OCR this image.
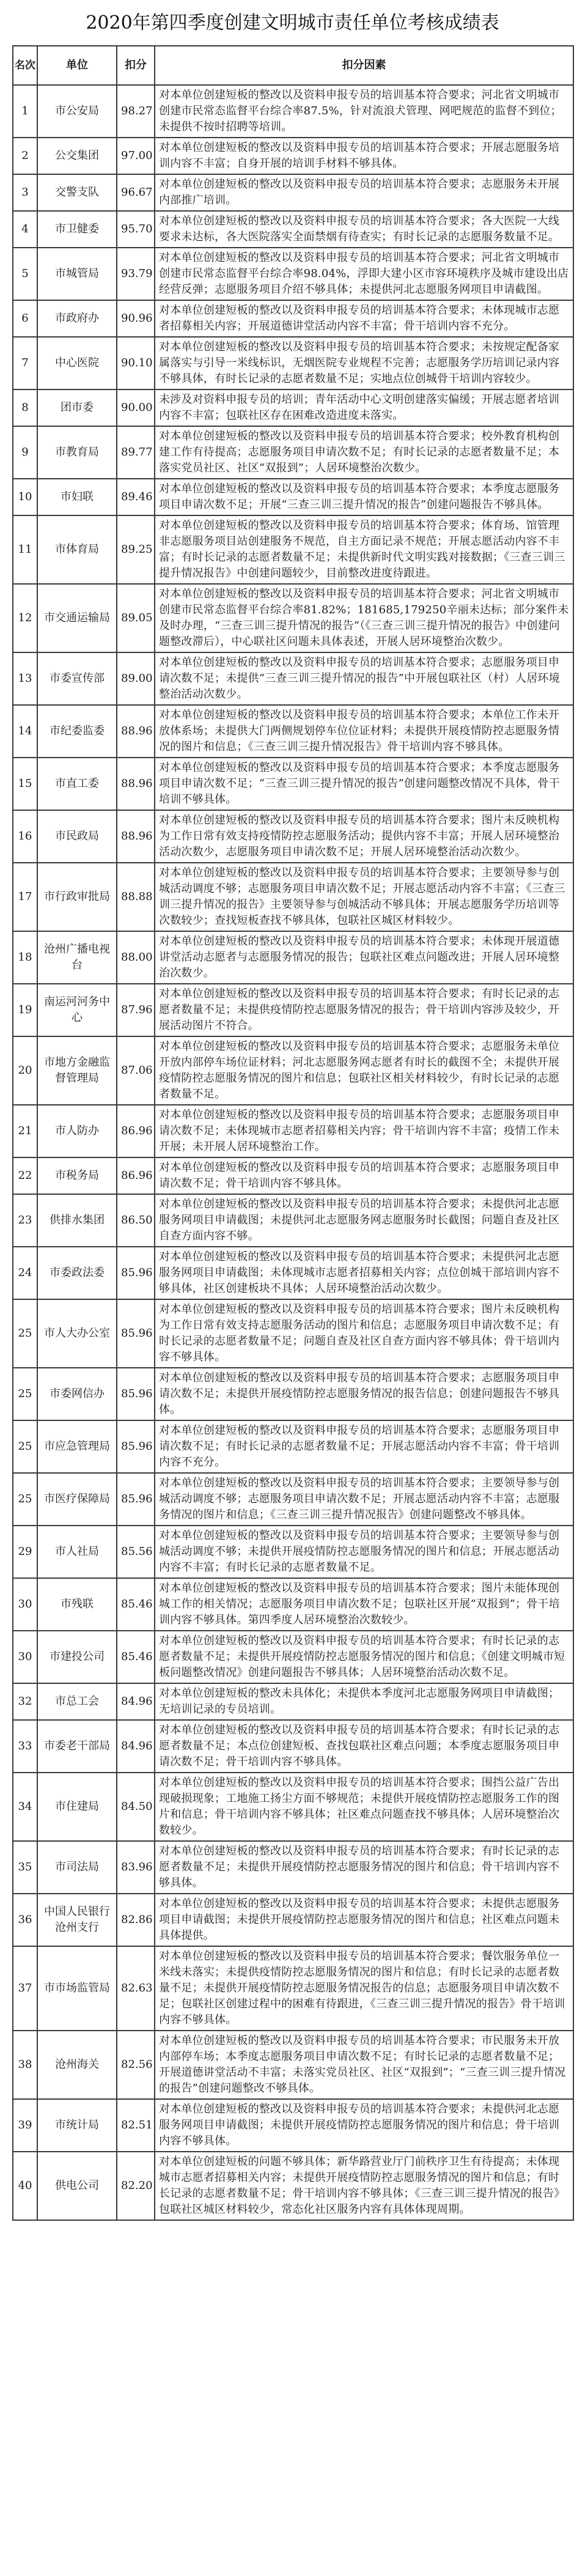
2020年第四季度创建文明城市责任单位考核成绩表
名次	单位	扣分	扣分因素
1	市公安局	98.27	对本单位创建短板的整改以及资料申报专员的培训基本符合要求；河北省文明城市创建市民常态监督平台综合率87.5%，针对流浪犬管理、网吧规范的监督不到位；未提供不按时招聘等培训。
2	公交集团	97.00	对本单位创建短板的整改以及资料申报专员的培训基本符合要求；开展志愿服务培训内容不丰富；自身开展的培训手材料不够具体。
3	交警支队	96.67	对本单位创建短板的整改以及资料申报专员的培训基本符合要求；志愿服务未开展内部推广培训。
4	市卫健委	95.70	对本单位创建短板的整改以及资料申报专员的培训基本符合要求；各大医院一大线要求未达标，各大医院落实全面禁烟有待查实；有时长记录的志愿服务数量不足。
5	市城管局	93.79	对本单位创建短板的整改以及资料申报专员的培训基本符合要求；河北省文明城市创建市民常态监督平台综合率98.04%，浮即大建小区市容环境秩序及城市建设出店经营反弹；志愿服务项目介绍不够具体；未提供河北志愿服务网项目申请截图。
6	市政府办	90.96	对本单位创建短板的整改以及资料申报专员的培训基本符合要求；未体现城市志愿者招募相关内容；开展道德讲堂活动内容不丰富；骨干培训内容不充分。
7	中心医院	90.10	对本单位创建短板的整改以及资料申报专员的培训基本符合要求；未按规定配备家属落实与引导一米线标识，无烟医院专业规程不完善；志愿服务学历培训记录内容不够具体，有时长记录的志愿者数量不足；实地点位创城骨干培训内容较少。
8	团市委	90.00	未涉及对资料申报专员的培训；青年活动中心文明创建落实偏缓；开展志愿者培训内容不丰富；包联社区存在困难改造进度未落实。
9	市教育局	89.77	对本单位创建短板的整改以及资料申报专员的培训基本符合要求；校外教育机构创建工作有待提高；志愿服务项目申请次数不足；有时长记录的志愿者数量不足；本落实党员社区、社区“双报到”；人居环境整治次数少。
10	市妇联	89.46	对本单位创建短板的整改以及资料申报专员的培训基本符合要求；本季度志愿服务项目申请次数不足；开展“三查三训三提升情况的报告”创建问题报告不够具体。
11	市体育局	89.25	对本单位创建短板的整改以及资料申报专员的培训基本符合要求；体育场、馆管理非志愿服务项目站创建服务不规范，自主方面记录不规范；开展志愿活动内容不丰富；有时长记录的志愿者数量不足；未提供新时代文明实践对接数据；《三查三训三提升情况报告》中创建问题较少，目前整改进度待跟进。
12	市交通运输局	89.05	对本单位创建短板的整改以及资料申报专员的培训基本符合要求；河北省文明城市创建市民常态监督平台综合率81.82%；181685,179250辛丽未达标；部分案件未及时办理，“三查三训三提升情况的报告”（《三查三训三提升情况的报告》中创建问题整改滞后），中心联社区问题未具体表述，开展人居环境整治次数少。
13	市委宣传部	89.00	对本单位创建短板的整改以及资料申报专员的培训基本符合要求；志愿服务项目申请次数不足；未提供“三查三训三提升情况的报告”中开展包联社区（村）人居环境整治活动次数少。
14	市纪委监委	88.96	对本单位创建短板的整改以及资料申报专员的培训基本符合要求；本单位工作未开放体系场；未提供大门两侧规划停车位位证材料；未提供开展疫情防控志愿服务情况的图片和信息；《三查三训三提升情况报告》骨干培训内容不够具体。
15	市直工委	88.96	对本单位创建短板的整改以及资料申报专员的培训基本符合要求；本季度志愿服务项目申请次数不足；“三查三训三提升情况的报告”创建问题整改情况不具体，骨干培训不够具体。
16	市民政局	88.96	对本单位创建短板的整改以及资料申报专员的培训基本符合要求；图片未反映机构为工作日常有效支持疫情防控志愿服务活动；提供内容不丰富；开展人居环境整治活动次数少，志愿服务项目申请次数不足；开展人居环境整治活动次数少。
17	市行政审批局	88.88	对本单位创建短板的整改以及资料申报专员的培训基本符合要求；主要领导参与创城活动调度不够；志愿服务项目申请次数不足；开展志愿活动内容不丰富；《三查三训三提升情况的报告》主要领导参与创城活动不够具体；开展志愿服务学历培训等次数较少；查找短板查找不够具体，包联社区城区材料较少。
18	沧州广播电视台	88.00	对本单位创建短板的整改以及资料申报专员的培训基本符合要求；未体现开展道德讲堂活动志愿者与志愿服务情况的报告；包联社区难点问题改进；开展人居环境整治次数少。
19	南运河河务中心	87.96	对本单位创建短板的整改以及资料申报专员的培训基本符合要求；有时长记录的志愿者数量不足；未提供疫情防控志愿服务情况的报告；骨干培训内容涉及较少，开展活动图片不符合。
20	市地方金融监督管理局	87.06	对本单位创建短板的整改以及资料申报专员的培训基本符合要求；志愿服务未单位开放内部停车场位证材料；河北志愿服务网志愿者有时长的截图不全；未提供开展疫情防控志愿服务情况的图片和信息；包联社区相关材料较少，有时长记录的志愿者数量不足。
21	市人防办	86.96	对本单位创建短板的整改以及资料申报专员的培训基本符合要求；志愿服务项目申请次数不足；未体现城市志愿者招募相关内容；骨干培训内容不丰富；疫情工作未开展；未开展人居环境整治工作。
22	市税务局	86.96	对本单位创建短板的整改以及资料申报专员的培训基本符合要求；志愿服务项目申请次数不足；骨干培训内容不够具体。
23	供排水集团	86.50	对本单位创建短板的整改以及资料申报专员的培训基本符合要求；未提供河北志愿服务网项目申请截图；未提供河北志愿服务网志愿服务时长截图；问题自查及社区自查方面内容不够。
24	市委政法委	85.96	对本单位创建短板的整改以及资料申报专员的培训基本符合要求；未提供河北志愿服务网项目申请截图；未体现城市志愿者招募相关内容；点位创城干部培训内容不够具体，社区创建板块不具体；人居环境整治活动次数少。
25	市人大办公室	85.96	对本单位创建短板的整改以及资料申报专员的培训基本符合要求；图片未反映机构为工作日常有效支持志愿服务活动的图片和信息；志愿服务项目申请次数不足；有时长记录的志愿者数量不足；问题自查及社区自查方面内容不够具体；骨干培训内容不够具体。
25	市委网信办	85.96	对本单位创建短板的整改以及资料申报专员的培训基本符合要求；志愿服务项目申请次数不足；未提供开展疫情防控志愿服务情况的报告信息；创建问题报告不够具体。
25	市应急管理局	85.96	对本单位创建短板的整改以及资料申报专员的培训基本符合要求；志愿服务项目申请次数不足；有时长记录的志愿者数量不足；开展志愿活动内容不丰富；骨干培训内容不充分。
25	市医疗保障局	85.96	对本单位创建短板的整改以及资料申报专员的培训基本符合要求；主要领导参与创城活动调度不够；志愿服务项目申请次数不足；开展志愿活动内容不丰富；志愿服务情况的图片和信息；《三查三训三提升情况报告》创建问题整改不够具体。
29	市人社局	85.56	对本单位创建短板的整改以及资料申报专员的培训基本符合要求；主要领导参与创城活动调度不够；未提供开展疫情防控志愿服务情况的图片和信息；开展志愿活动内容不丰富；有时长记录的志愿者数量不足。
30	市残联	85.46	对本单位创建短板的整改以及资料申报专员的培训基本符合要求；图片未能体现创城工作的相关情况；志愿服务项目申请次数不足；包联社区开展“双报到”；骨干培训内容不够具体。第四季度人居环境整治次数较少。
30	市建投公司	85.46	对本单位创建短板的整改以及资料申报专员的培训基本符合要求；有时长记录的志愿者数量不足；未提供开展疫情防控志愿服务情况的图片和信息；《创建文明城市短板问题整改情况》创建问题报告不够具体；人居环境整治活动次数不足。
32	市总工会	84.96	对本单位创建短板的整改未具体化；未提供本季度河北志愿服务网项目申请截图；无培训记录的专员培训。
33	市委老干部局	84.96	对本单位创建短板的整改以及资料申报专员的培训基本符合要求；有时长记录的志愿者数量不足；本点位创建短板、查找包联社区难点问题；本季度志愿服务项目申请次数不足；骨干培训内容不够具体。
34	市住建局	84.50	对本单位创建短板的整改以及资料申报专员的培训基本符合要求；围挡公益广告出现破损现象；工地施工扬尘方面不够规范；未提供开展疫情防控志愿服务工作的图片和信息；骨干培训内容不够具体；社区难点问题查找不够具体；人居环境整治次数较少。
35	市司法局	83.96	对本单位创建短板的整改以及资料申报专员的培训基本符合要求；有时长记录的志愿者数量不足；未提供开展疫情防控志愿服务情况的图片和信息；骨干培训内容不够具体。
36	中国人民银行沧州支行	82.86	对本单位创建短板的整改以及资料申报专员的培训基本符合要求；未提供志愿服务项目申请截图；未提供开展疫情防控志愿服务情况的图片和信息；社区难点问题未具体提供。
37	市市场监管局	82.63	对本单位创建短板的整改以及资料申报专员的培训基本符合要求；餐饮服务单位一米线未落实；未提供疫情防控志愿服务情况的图片和信息；有时长记录的志愿者数量不足；未提供开展疫情防控志愿服务情况报告的信息；志愿服务项目申请次数不足；包联社区创建过程中的困难有待跟进，《三查三训三提升情况的报告》骨干培训内容不够具体。
38	沧州海关	82.56	对本单位创建短板的整改以及资料申报专员的培训基本符合要求；市民服务未开放内部停车场；本季度志愿服务项目申请次数不足；有时长记录的志愿者数量不足；开展道德讲堂活动不丰富；未落实党员社区、社区“双报到”；“三查三训三提升情况的报告”创建问题整改不够具体。
39	市统计局	82.51	对本单位创建短板的整改以及资料申报专员的培训基本符合要求；未提供河北志愿服务网项目申请截图；未提供开展疫情防控志愿服务情况的图片和信息；骨干培训内容不够具体。
40	供电公司	82.20	对本单位创建短板的问题不够具体；新华路营业厅门前秩序卫生有待提高；未体现城市志愿者招募相关内容；未提供开展疫情防控志愿服务情况的图片和信息；有时长记录的志愿者数量不足；骨干培训内容不够具体；《三查三训三提升情况的报告》包联社区城区材料较少，常态化社区服务内容有具体体现周期。
